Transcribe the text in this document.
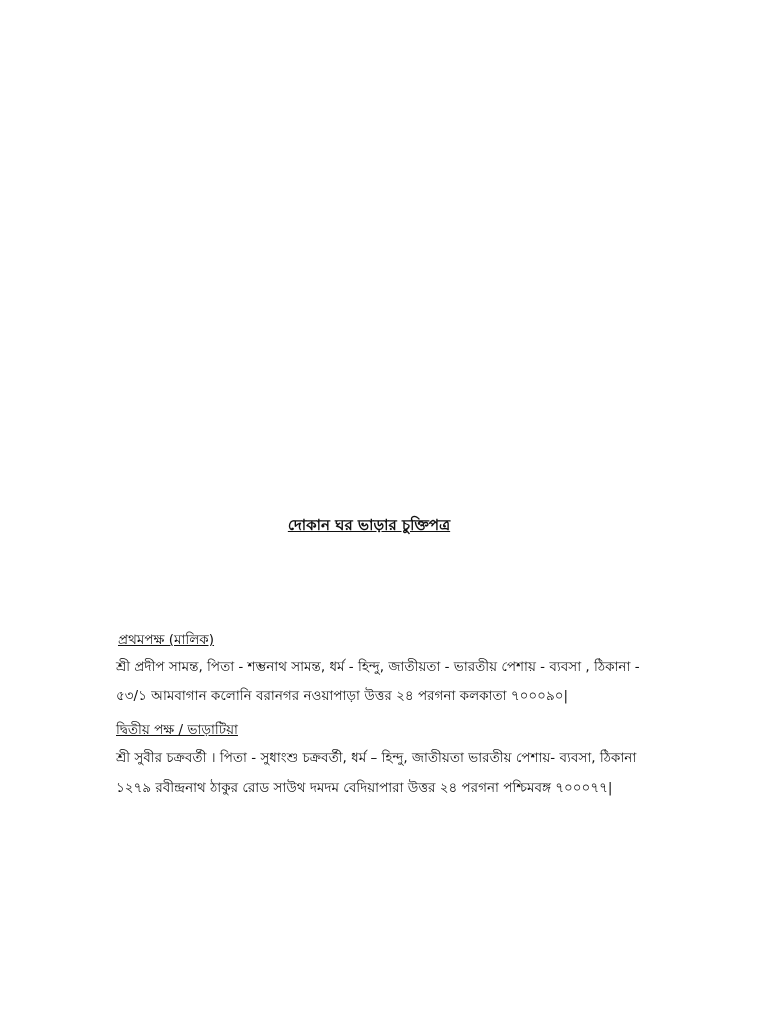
দোকান ঘর ভাড়ার চুক্তিপত্র
প্রথমপক্ষ (মালিক)
শ্রী প্রদীপ সামন্ত, পিতা - শম্ভনাথ সামন্ত, ধর্ম - হিন্দু, জাতীয়তা - ভারতীয় পেশায় - ব্যবসা , ঠিকানা -
৫৩/১ আমবাগান কলোনি বরানগর নওয়াপাড়া উত্তর ২৪ পরগনা কলকাতা ৭০০০৯০|
দ্বিতীয় পক্ষ / ভাড়াটিয়া
শ্রী সুবীর চক্রবর্তী । পিতা - সুধাংশু চক্রবর্তী, ধর্ম – হিন্দু, জাতীয়তা ভারতীয় পেশায়- ব্যবসা, ঠিকানা
১২৭৯ রবীন্দ্রনাথ ঠাকুর রোড সাউথ দমদম বেদিয়াপারা উত্তর ২৪ পরগনা পশ্চিমবঙ্গ ৭০০০৭৭|
